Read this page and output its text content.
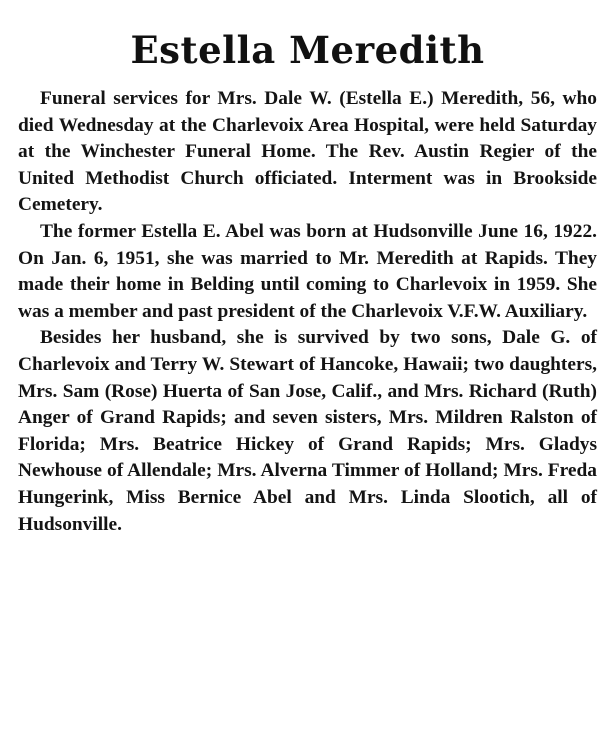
Estella Meredith

Funeral services for Mrs. Dale W. (Estella E.) Meredith, 56, who died Wednesday at the Charlevoix Area Hospital, were held Saturday at the Winchester Funeral Home. The Rev. Austin Regier of the United Methodist Church officiated. Interment was in Brookside Cemetery.

The former Estella E. Abel was born at Hudsonville June 16, 1922. On Jan. 6, 1951, she was married to Mr. Meredith at Rapids. They made their home in Belding until coming to Charlevoix in 1959. She was a member and past president of the Charlevoix V.F.W. Auxiliary.

Besides her husband, she is survived by two sons, Dale G. of Charlevoix and Terry W. Stewart of Hancoke, Hawaii; two daughters, Mrs. Sam (Rose) Huerta of San Jose, Calif., and Mrs. Richard (Ruth) Anger of Grand Rapids; and seven sisters, Mrs. Mildren Ralston of Florida; Mrs. Beatrice Hickey of Grand Rapids; Mrs. Gladys Newhouse of Allendale; Mrs. Alverna Timmer of Holland; Mrs. Freda Hungerink, Miss Bernice Abel and Mrs. Linda Slootich, all of Hudsonville.
